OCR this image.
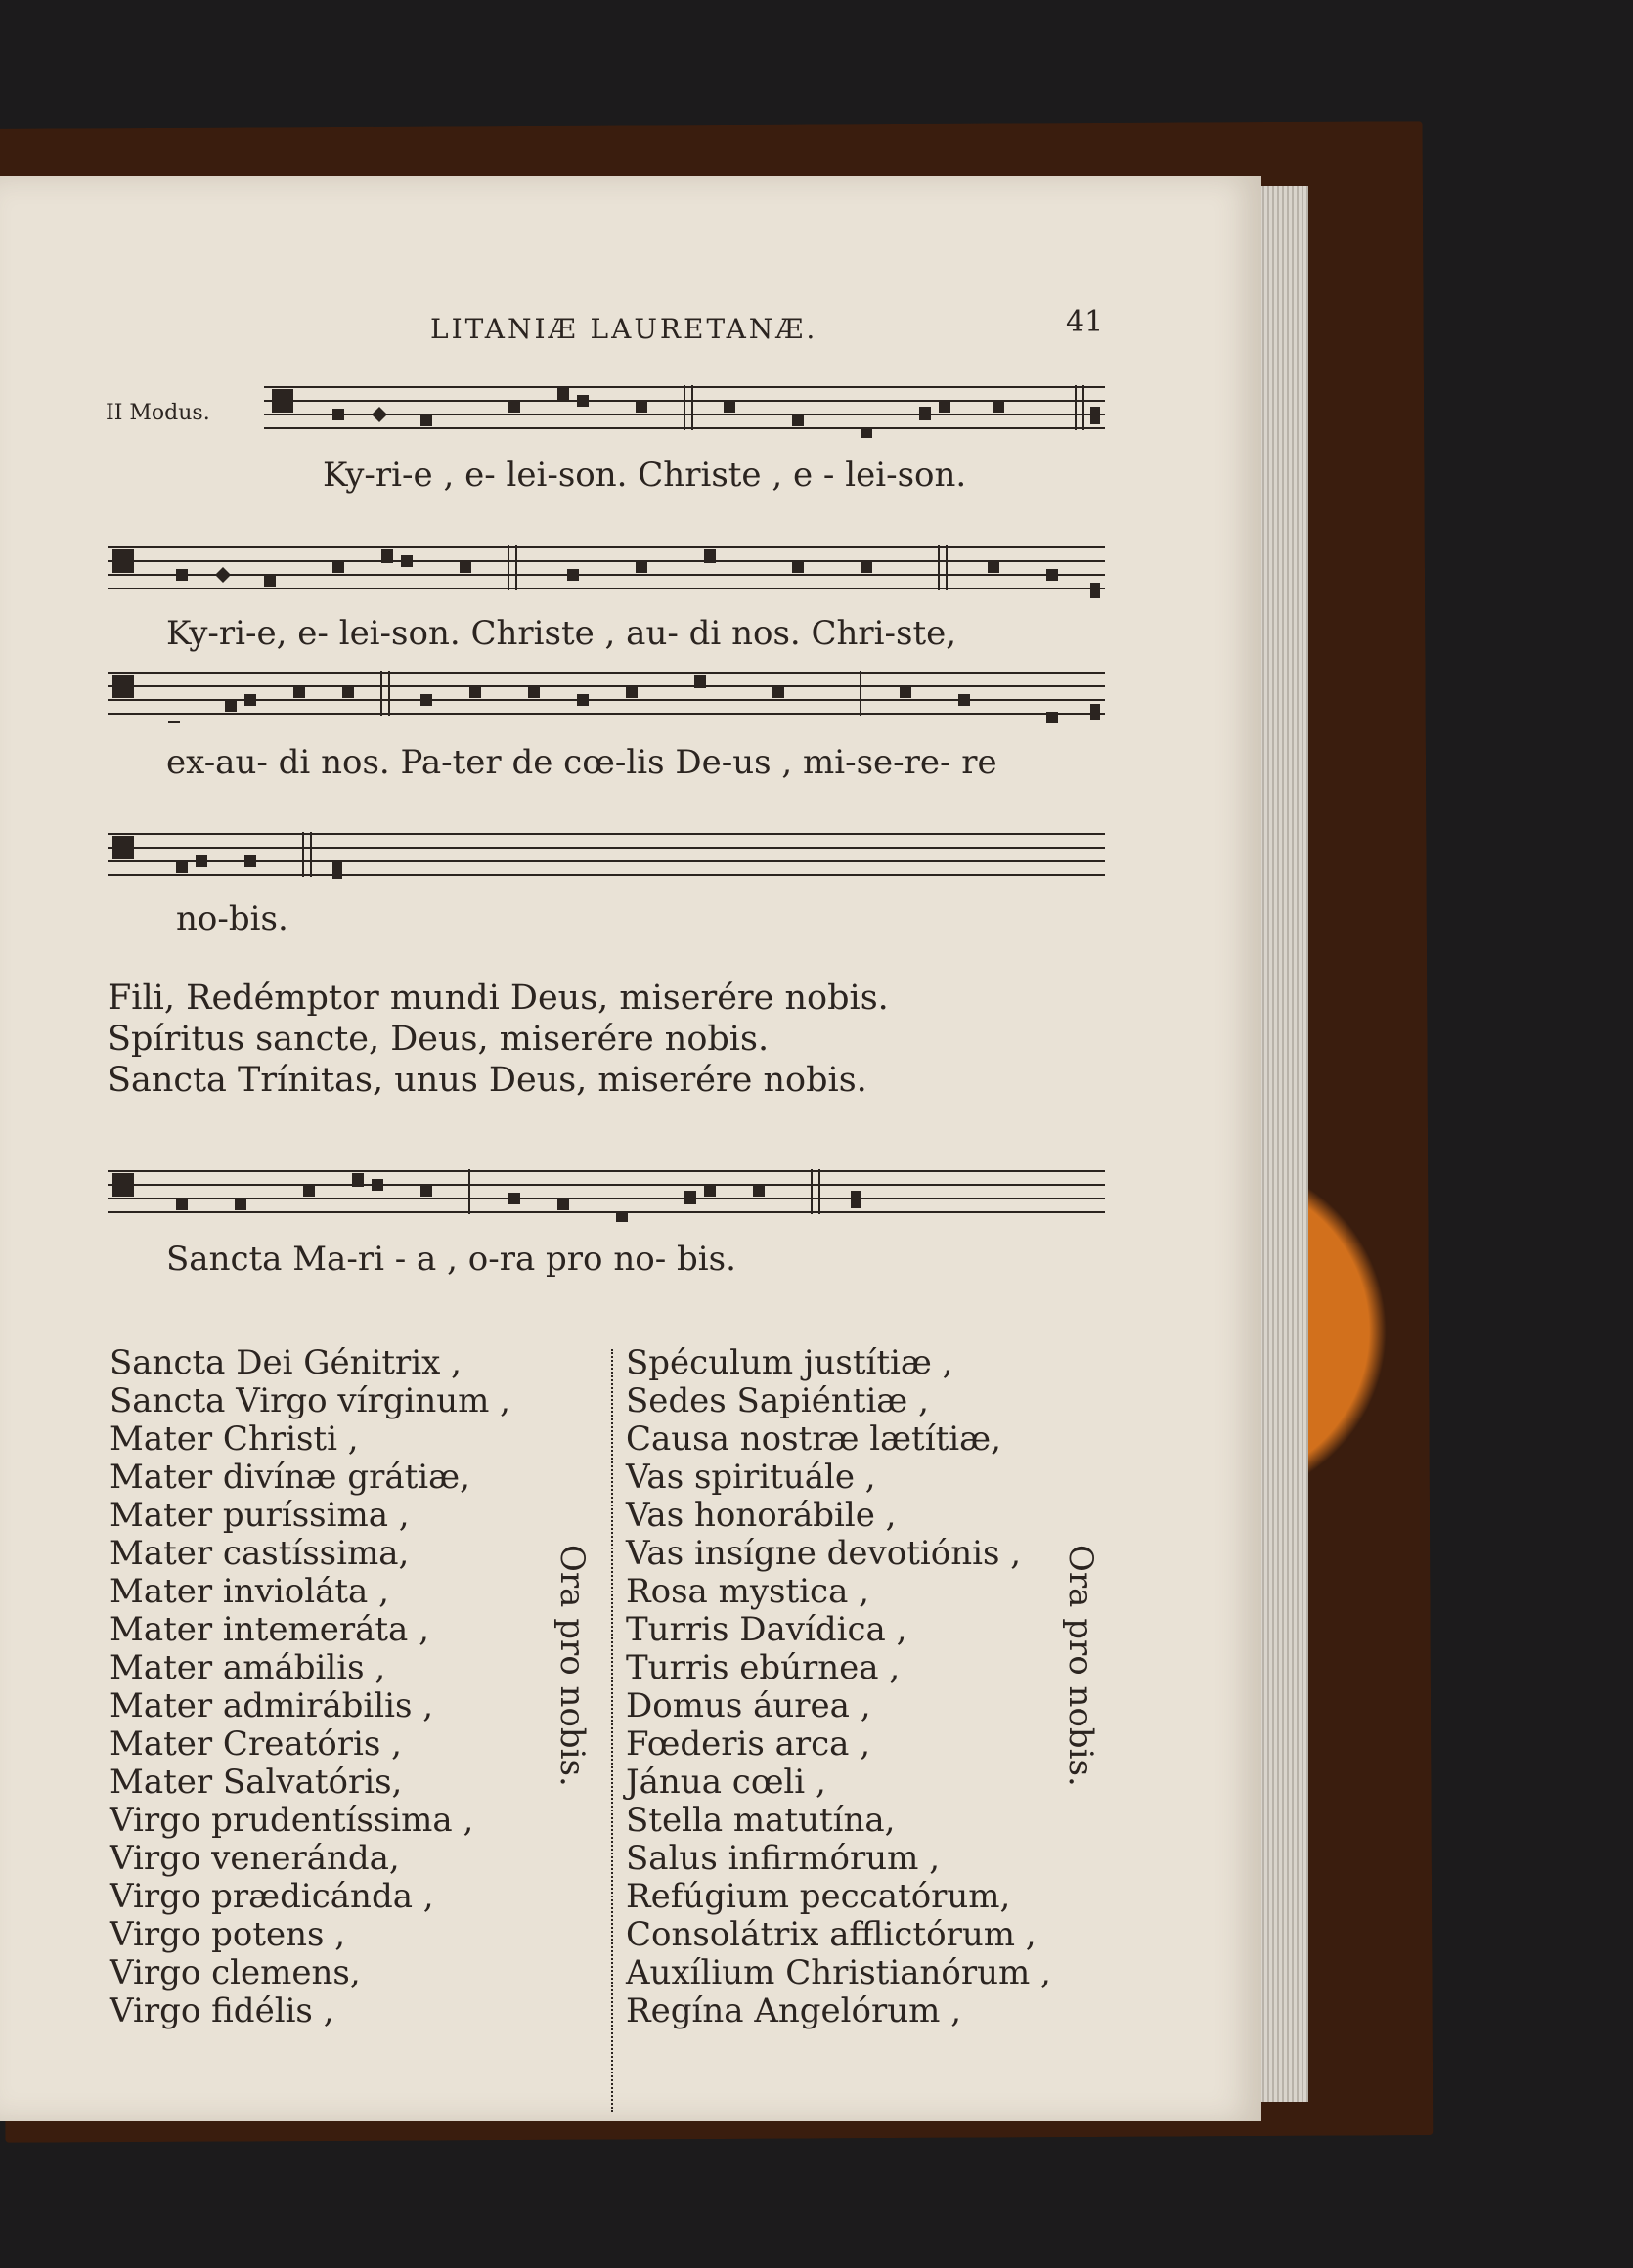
LITANIÆ LAURETANÆ.	41
II Modus.
Ky-ri-e , e- lei-son. Christe , e - lei-son.
Ky-ri-e, e- lei-son. Christe , au- di nos. Chri-ste,
ex-au- di nos. Pa-ter de cœ-lis De-us , mi-se-re- re
no-bis.
Fili, Redémptor mundi Deus, miserére nobis.
Spíritus sancte, Deus, miserére nobis.
Sancta Trínitas, unus Deus, miserére nobis.
Sancta Ma-ri - a , o-ra pro no- bis.
Sancta Dei Génitrix ,
Sancta Virgo vírginum ,
Mater Christi ,
Mater divínæ grátiæ,
Mater puríssima ,
Mater castíssima,
Mater invioláta ,
Mater intemeráta ,
Mater amábilis ,
Mater admirábilis ,
Mater Creatóris ,
Mater Salvatóris,
Virgo prudentíssima ,
Virgo veneránda,
Virgo prædicánda ,
Virgo potens ,
Virgo clemens,
Virgo fidélis ,
Ora pro nobis.
Spéculum justítiæ ,
Sedes Sapiéntiæ ,
Causa nostræ lætítiæ,
Vas spirituále ,
Vas honorábile ,
Vas insígne devotiónis ,
Rosa mystica ,
Turris Davídica ,
Turris ebúrnea ,
Domus áurea ,
Fœderis arca ,
Jánua cœli ,
Stella matutína,
Salus infirmórum ,
Refúgium peccatórum,
Consolátrix afflictórum ,
Auxílium Christianórum ,
Regína Angelórum ,
Ora pro nobis.
